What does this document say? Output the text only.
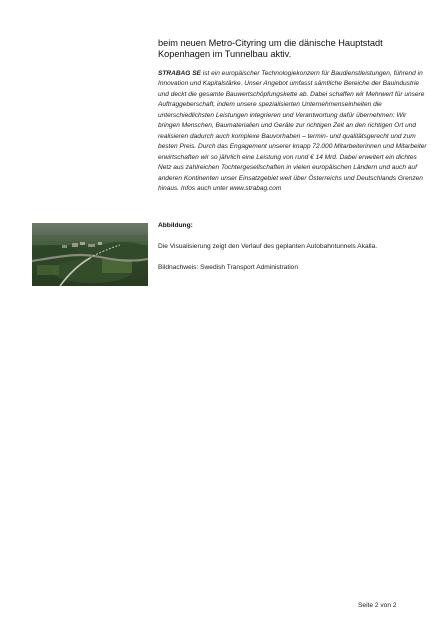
beim neuen Metro-Cityring um die dänische Hauptstadt Kopenhagen im Tunnelbau aktiv.

STRABAG SE ist ein europäischer Technologiekonzern für Baudienstleistungen, führend in Innovation und Kapitalstärke. Unser Angebot umfasst sämtliche Bereiche der Bauindustrie und deckt die gesamte Bauwertschöpfungskette ab. Dabei schaffen wir Mehrwert für unsere Auftraggeberschaft, indem unsere spezialisierten Unternehmenseinheiten die unterschiedlichsten Leistungen integrieren und Verantwortung dafür übernehmen: Wir bringen Menschen, Baumaterialien und Geräte zur richtigen Zeit an den richtigen Ort und realisieren dadurch auch komplexe Bauvorhaben – termin- und qualitätsgerecht und zum besten Preis. Durch das Engagement unserer knapp 72.000 Mitarbeiterinnen und Mitarbeiter erwirtschaften wir so jährlich eine Leistung von rund € 14 Mrd. Dabei erweitert ein dichtes Netz aus zahlreichen Tochtergesellschaften in vielen europäischen Ländern und auch auf anderen Kontinenten unser Einsatzgebiet weit über Österreichs und Deutschlands Grenzen hinaus. Infos auch unter www.strabag.com

Abbildung:

Die Visualisierung zeigt den Verlauf des geplanten Autobahntunnels Akalla.

Bildnachweis: Swedish Transport Administration

Seite 2 von 2
